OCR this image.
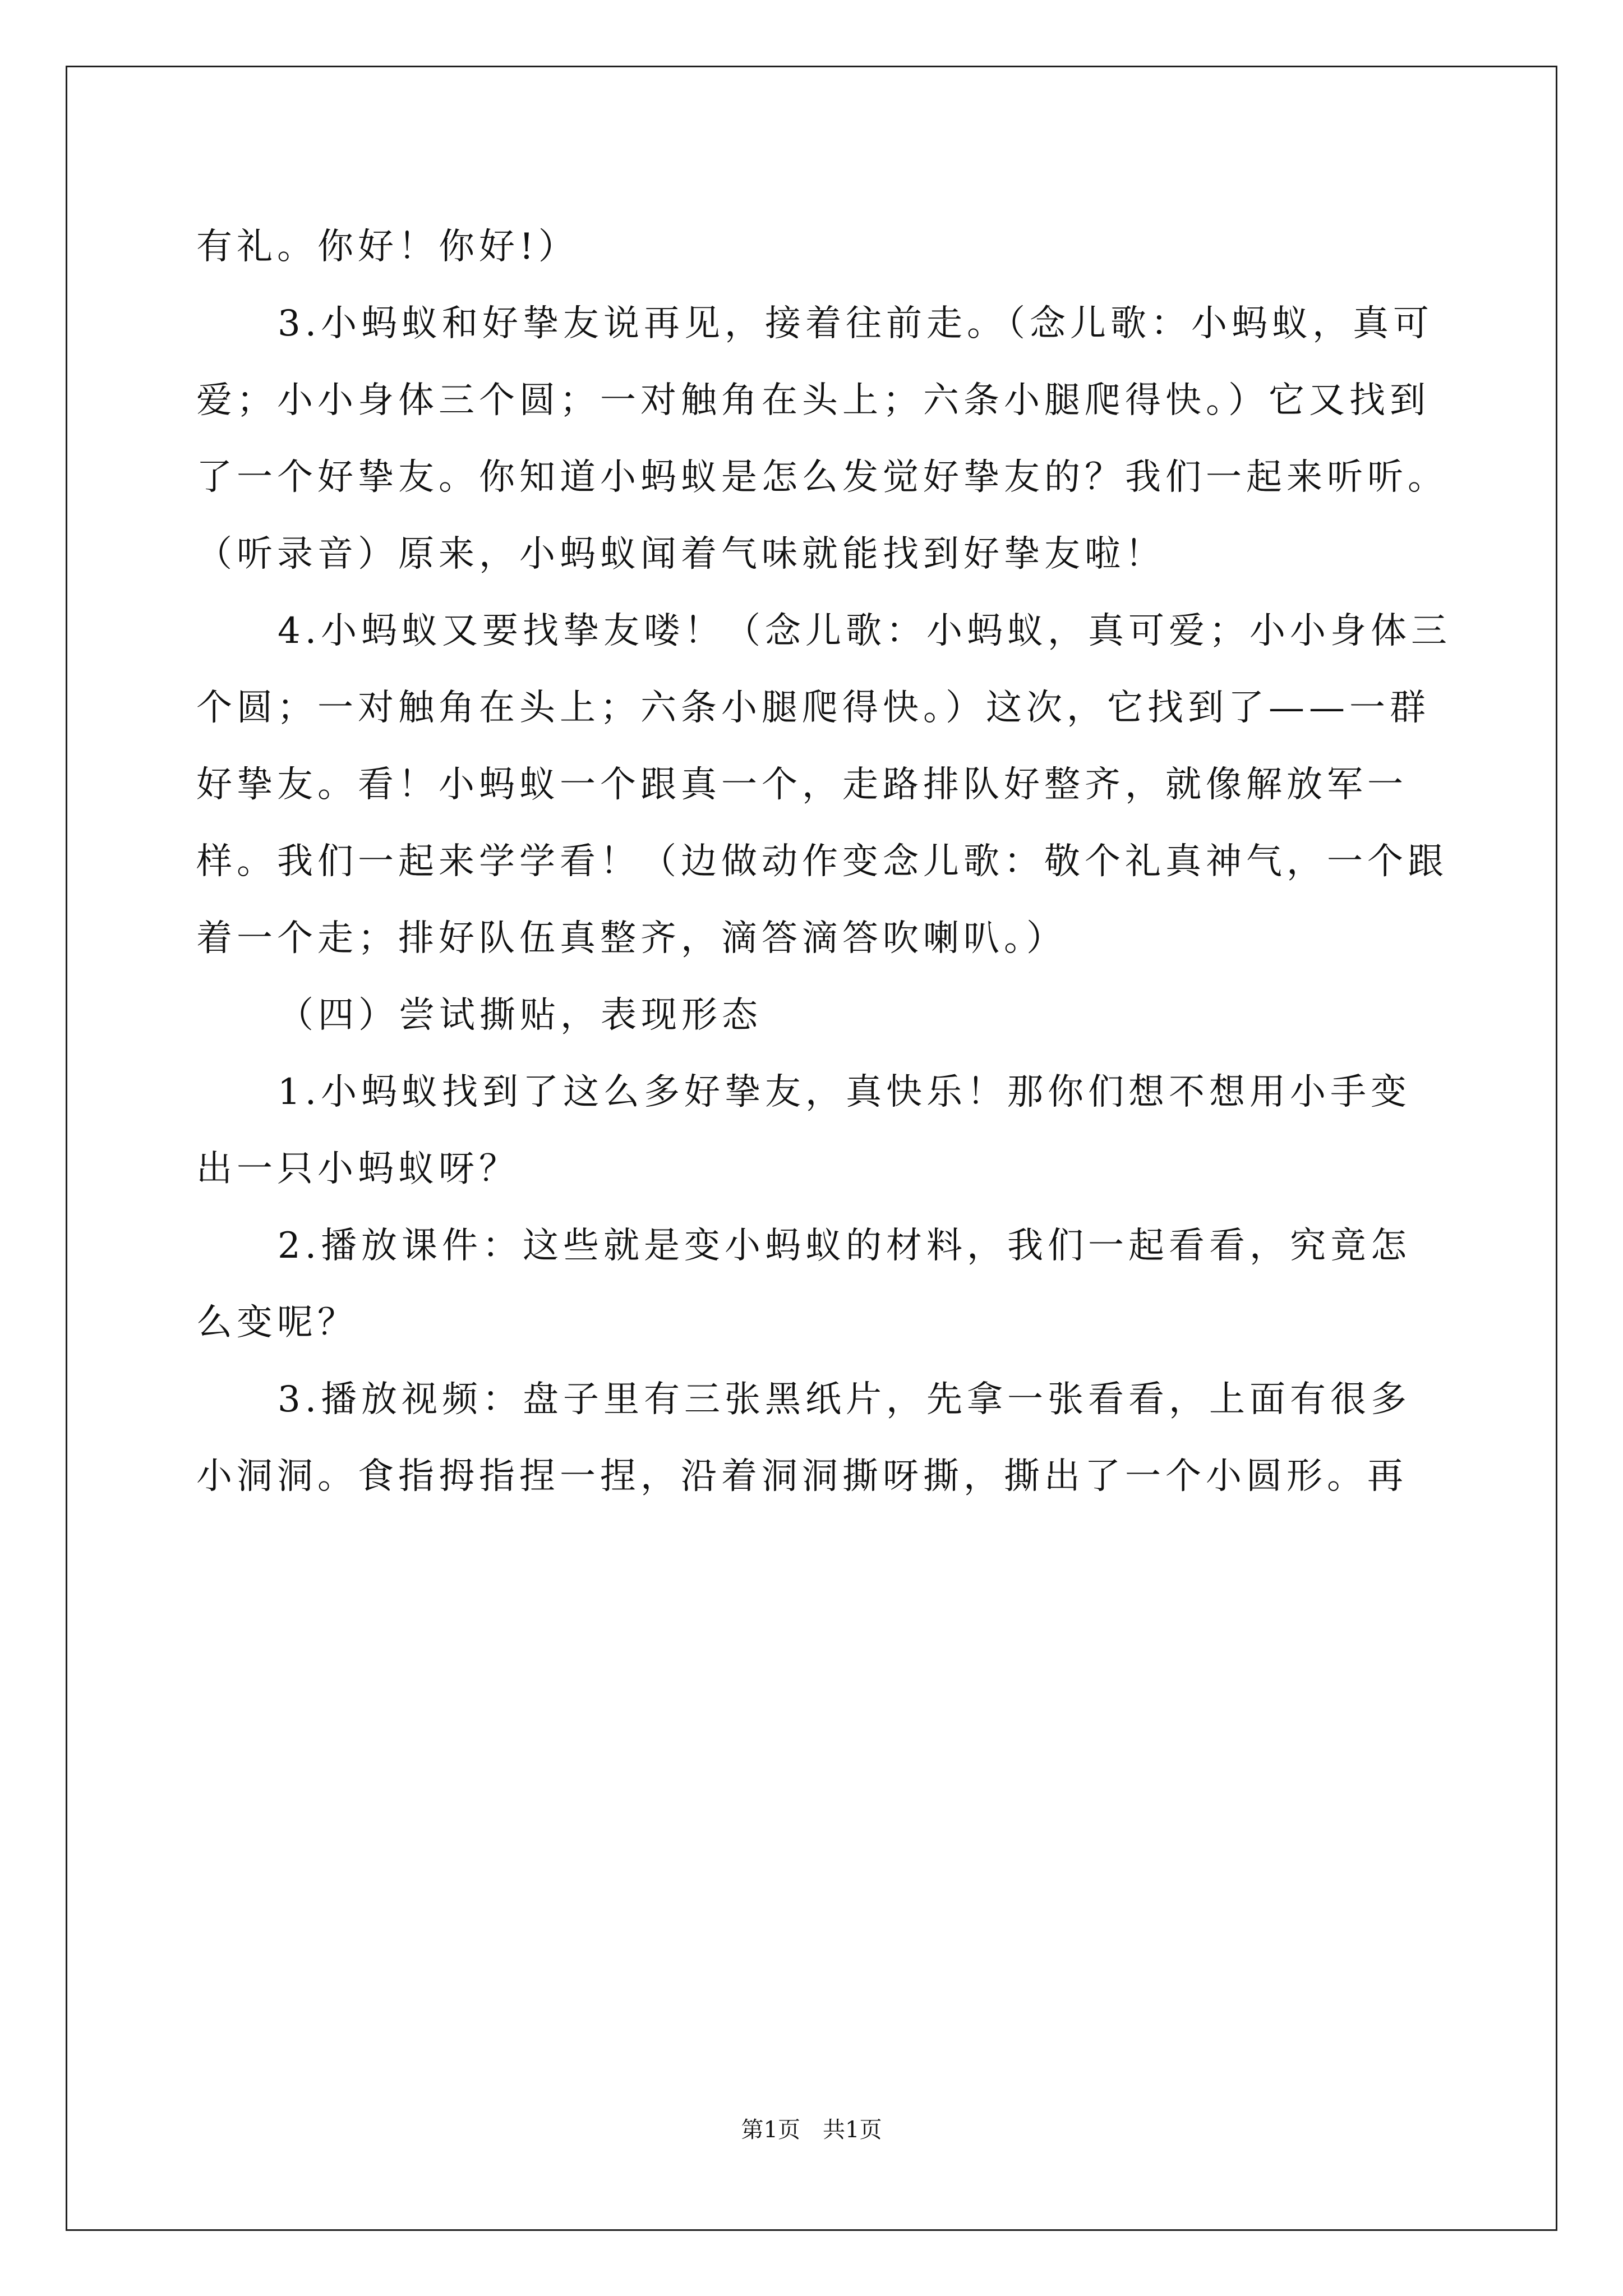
有礼。你好！你好!）
3.小蚂蚁和好挚友说再见，接着往前走。（念儿歌：小蚂蚁，真可
爱；小小身体三个圆；一对触角在头上；六条小腿爬得快。）它又找到
了一个好挚友。你知道小蚂蚁是怎么发觉好挚友的？我们一起来听听。
（听录音）原来，小蚂蚁闻着气味就能找到好挚友啦！
4.小蚂蚁又要找挚友喽！（念儿歌：小蚂蚁，真可爱；小小身体三
个圆；一对触角在头上；六条小腿爬得快。）这次，它找到了——一群
好挚友。看！小蚂蚁一个跟真一个，走路排队好整齐，就像解放军一
样。我们一起来学学看！（边做动作变念儿歌：敬个礼真神气，一个跟
着一个走；排好队伍真整齐，滴答滴答吹喇叭。）
（四）尝试撕贴，表现形态
1.小蚂蚁找到了这么多好挚友，真快乐！那你们想不想用小手变
出一只小蚂蚁呀？
2.播放课件：这些就是变小蚂蚁的材料，我们一起看看，究竟怎
么变呢？
3.播放视频：盘子里有三张黑纸片，先拿一张看看，上面有很多
小洞洞。食指拇指捏一捏，沿着洞洞撕呀撕，撕出了一个小圆形。再
第1页　共1页
